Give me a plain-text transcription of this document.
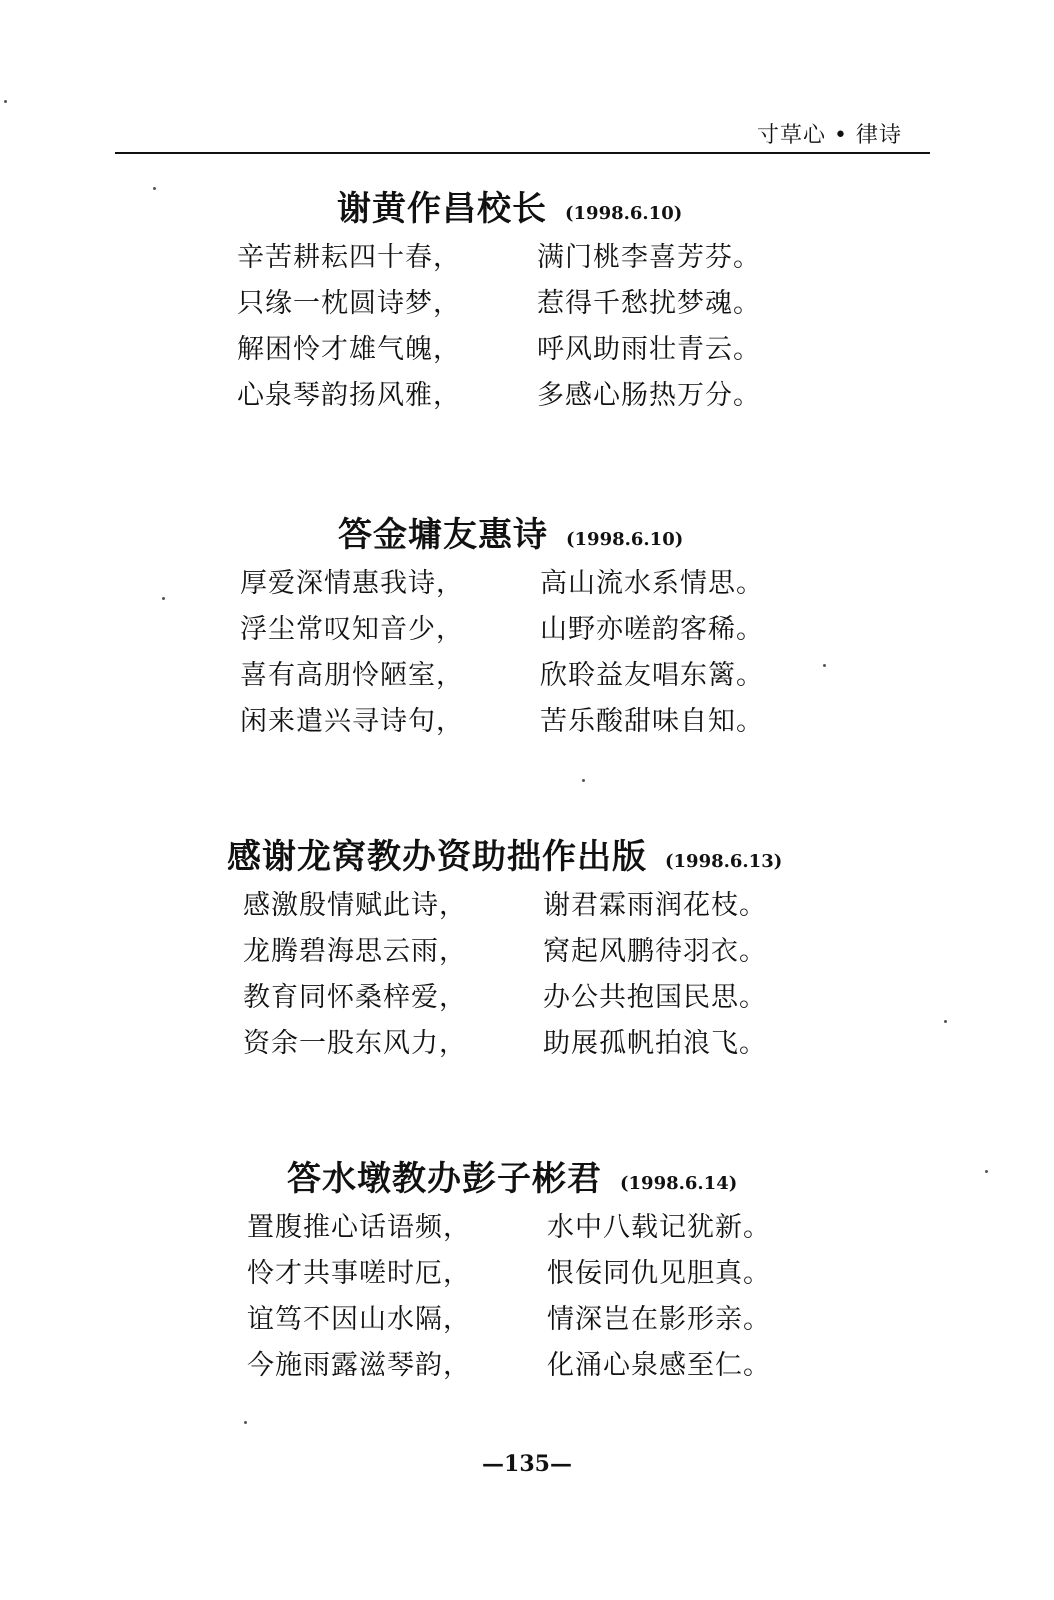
寸草心 • 律诗
谢黄作昌校长 (1998.6.10)
辛苦耕耘四十春，	满门桃李喜芳芬。
只缘一枕圆诗梦，	惹得千愁扰梦魂。
解困怜才雄气魄，	呼风助雨壮青云。
心泉琴韵扬风雅，	多感心肠热万分。
答金墉友惠诗 (1998.6.10)
厚爱深情惠我诗，	高山流水系情思。
浮尘常叹知音少，	山野亦嗟韵客稀。
喜有高朋怜陋室，	欣聆益友唱东篱。
闲来遣兴寻诗句，	苦乐酸甜味自知。
感谢龙窝教办资助拙作出版 (1998.6.13)
感激殷情赋此诗，	谢君霖雨润花枝。
龙腾碧海思云雨，	窝起风鹏待羽衣。
教育同怀桑梓爱，	办公共抱国民思。
资余一股东风力，	助展孤帆拍浪飞。
答水墩教办彭子彬君 (1998.6.14)
置腹推心话语频，	水中八载记犹新。
怜才共事嗟时厄，	恨佞同仇见胆真。
谊笃不因山水隔，	情深岂在影形亲。
今施雨露滋琴韵，	化涌心泉感至仁。
—135—
